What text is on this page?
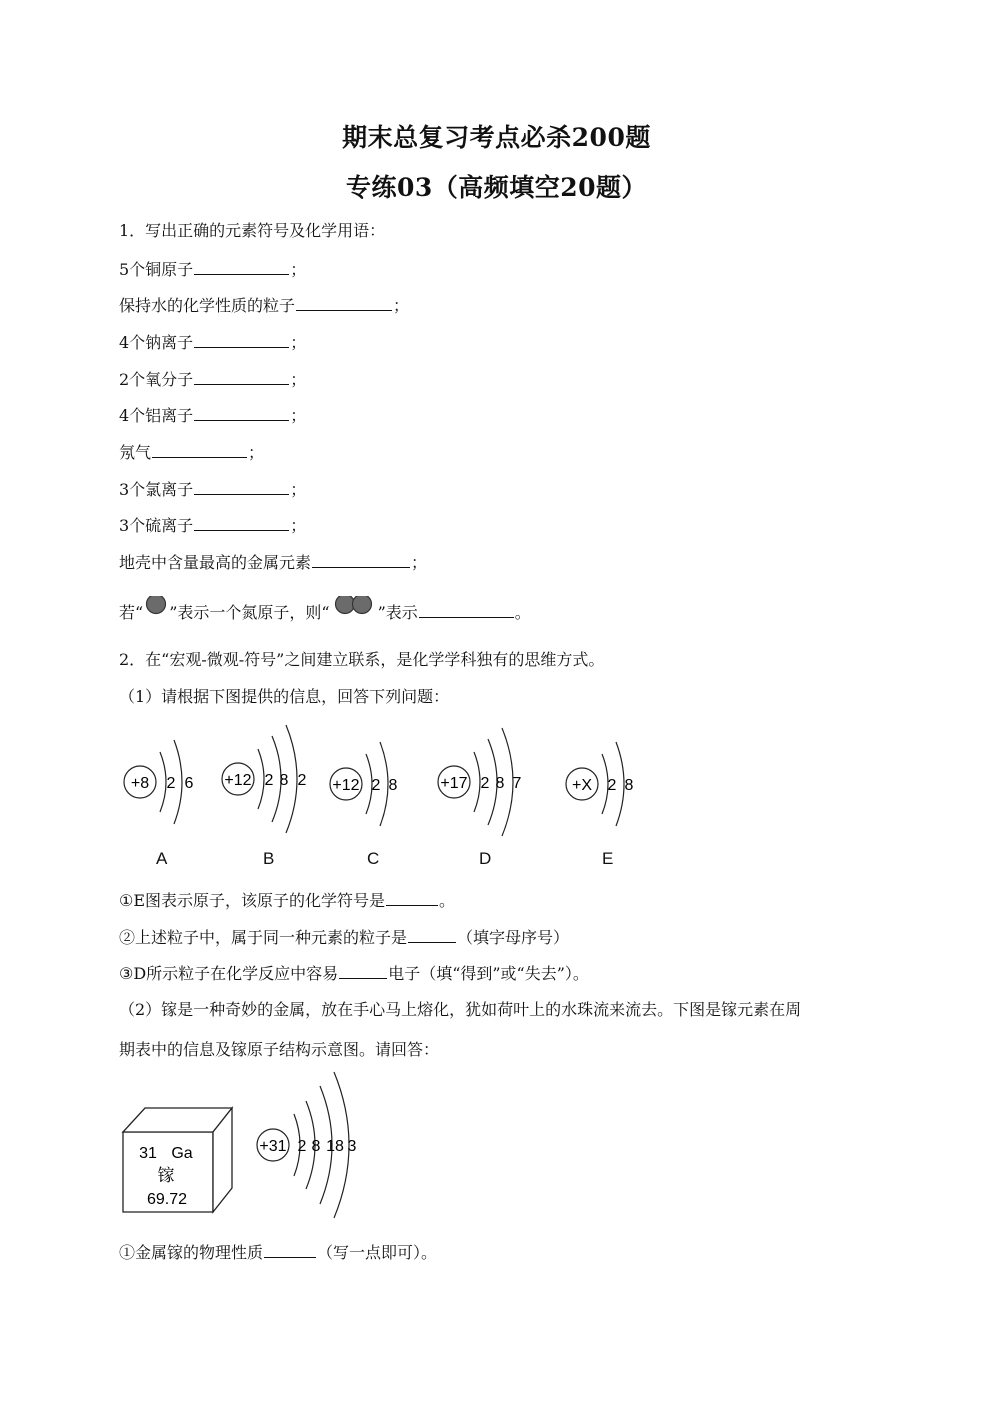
期末总复习考点必杀200题
专练03（高频填空20题）
1．写出正确的元素符号及化学用语：
5个铜原子	；
保持水的化学性质的粒子	；
4个钠离子	；
2个氧分子	；
4个铝离子	；
氖气	；
3个氯离子	；
3个硫离子	；
地壳中含量最高的金属元素	；
若“ ”表示一个氮原子，则“	”表示	。
2．在“宏观-微观-符号”之间建立联系，是化学学科独有的思维方式。
（1）请根据下图提供的信息，回答下列问题：
+8 2 6 +12 2 8 2 +12 2 8	+17 2 8 7	+X 2 8
A	B	C	D	E
①E图表示原子，该原子的化学符号是	。
②上述粒子中，属于同一种元素的粒子是	（填字母序号）
③D所示粒子在化学反应中容易	电子（填“得到”或“失去”）。
（2）镓是一种奇妙的金属，放在手心马上熔化，犹如荷叶上的水珠流来流去。下图是镓元素在周
期表中的信息及镓原子结构示意图。请回答：
31 Ga
镓
69.72
+31 2 8 18 3
①金属镓的物理性质	（写一点即可）。
